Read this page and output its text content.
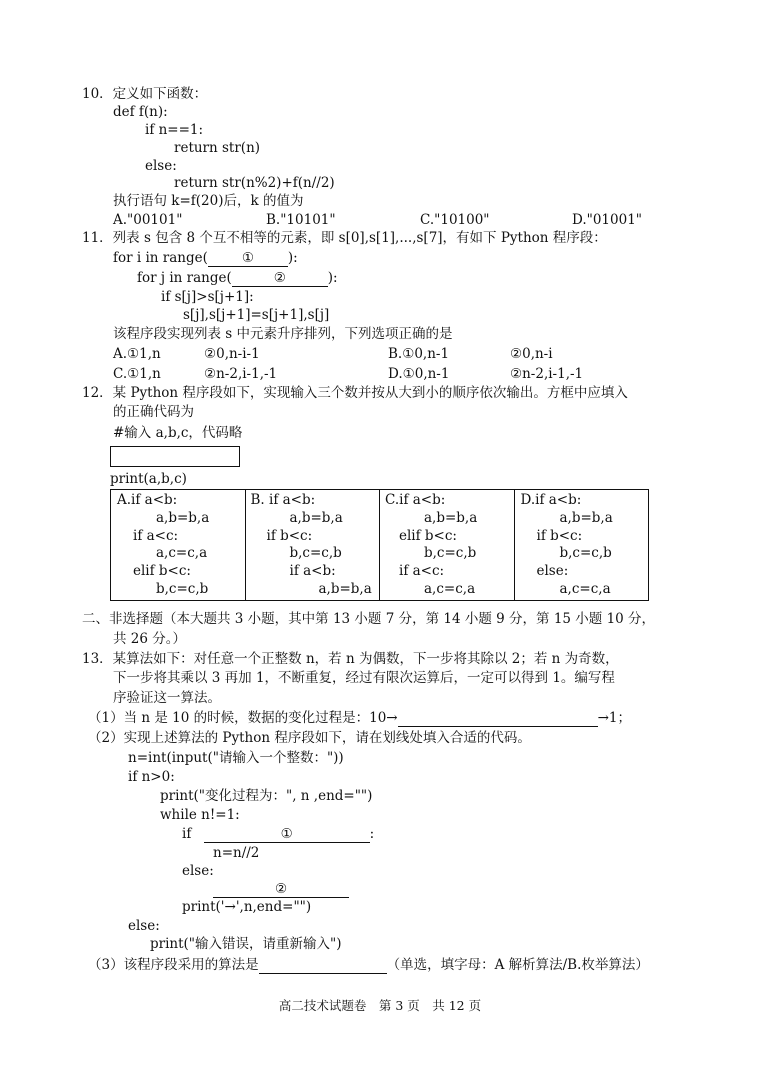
10．定义如下函数：
def f(n):
if n==1:
return str(n)
else:
return str(n%2)+f(n//2)
执行语句 k=f(20)后，k 的值为
A."00101"	B."10101"	C."10100"	D."01001"
11．列表 s 包含 8 个互不相等的元素，即 s[0],s[1],...,s[7]，有如下 Python 程序段：
for i in range(	①	):
for j in range(	②	):
if s[j]>s[j+1]:
s[j],s[j+1]=s[j+1],s[j]
该程序段实现列表 s 中元素升序排列，下列选项正确的是
A.①1,n	②0,n-i-1	B.①0,n-1	②0,n-i
C.①1,n	②n-2,i-1,-1	D.①0,n-1	②n-2,i-1,-1
12．某 Python 程序段如下，实现输入三个数并按从大到小的顺序依次输出。方框中应填入
的正确代码为
#输入 a,b,c，代码略
print(a,b,c)
A.if a<b:
a,b=b,a
if a<c:
a,c=c,a
elif b<c:
b,c=c,b

B. if a<b:
a,b=b,a
if b<c:
b,c=c,b
if a<b:
a,b=b,a

C.if a<b:
a,b=b,a
elif b<c:
b,c=c,b
if a<c:
a,c=c,a

D.if a<b:
a,b=b,a
if b<c:
b,c=c,b
else:
a,c=c,a
二、非选择题（本大题共 3 小题，其中第 13 小题 7 分，第 14 小题 9 分，第 15 小题 10 分，
共 26 分。）
13．某算法如下：对任意一个正整数 n，若 n 为偶数，下一步将其除以 2；若 n 为奇数，
下一步将其乘以 3 再加 1，不断重复，经过有限次运算后，一定可以得到 1。编写程
序验证这一算法。
（1）当 n 是 10 的时候，数据的变化过程是：10→	→1；
（2）实现上述算法的 Python 程序段如下，请在划线处填入合适的代码。
n=int(input("请输入一个整数："))
if n>0:
print("变化过程为：", n ,end="")
while n!=1:
if	①	:
n=n//2
else:
②
print('→',n,end="")
else:
print("输入错误，请重新输入")
（3）该程序段采用的算法是	（单选，填字母：A 解析算法/B.枚举算法）
高二技术试题卷　第 3 页　共 12 页
